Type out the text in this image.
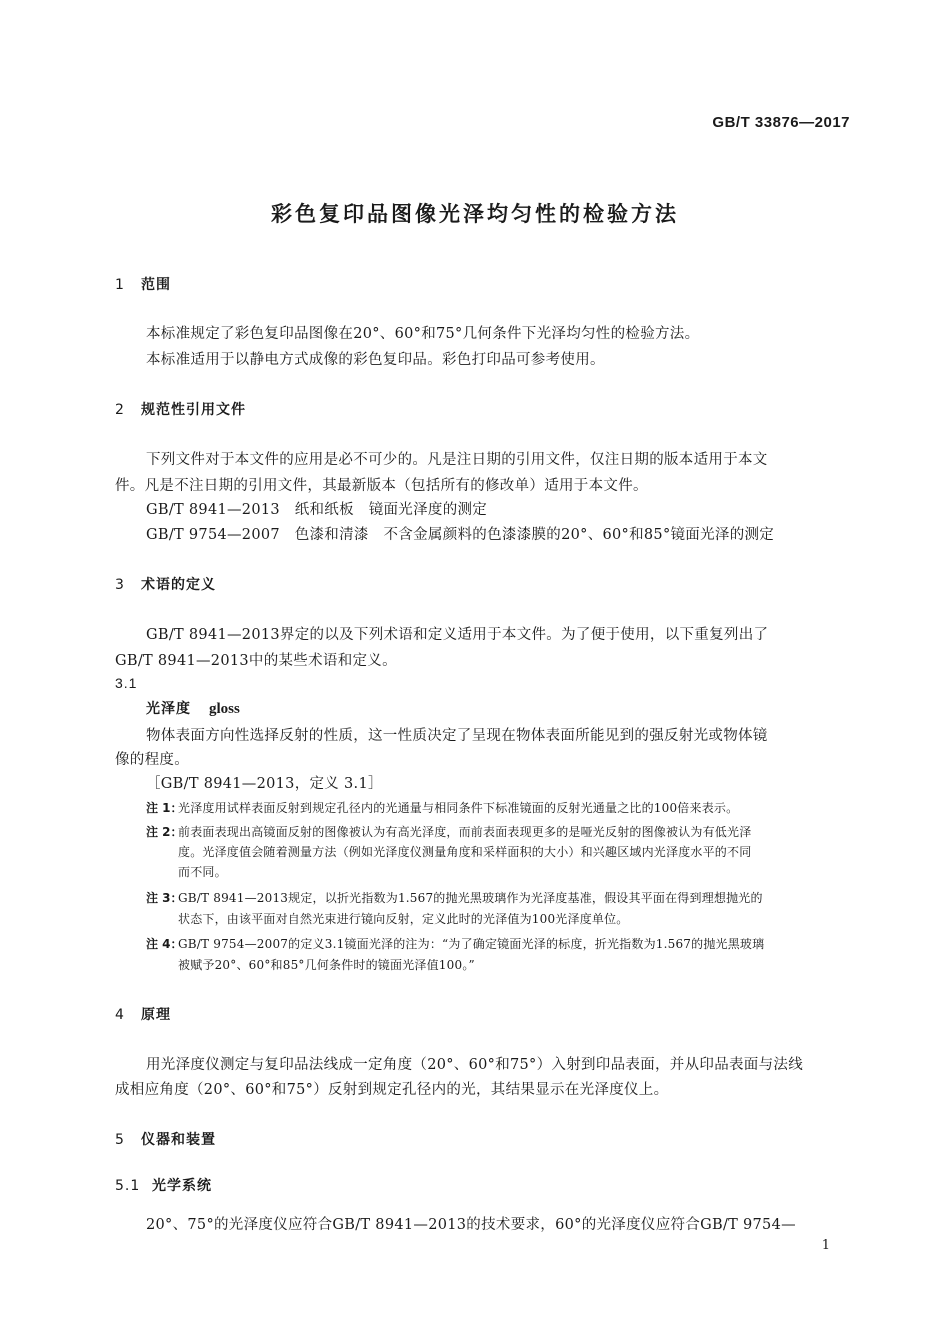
GB/T 33876—2017
彩色复印品图像光泽均匀性的检验方法
1 范围
本标准规定了彩色复印品图像在20°、60°和75°几何条件下光泽均匀性的检验方法。
本标准适用于以静电方式成像的彩色复印品。彩色打印品可参考使用。
2 规范性引用文件
下列文件对于本文件的应用是必不可少的。凡是注日期的引用文件，仅注日期的版本适用于本文
件。凡是不注日期的引用文件，其最新版本（包括所有的修改单）适用于本文件。
GB/T 8941—2013　纸和纸板　镜面光泽度的测定
GB/T 9754—2007　色漆和清漆　不含金属颜料的色漆漆膜的20°、60°和85°镜面光泽的测定
3 术语的定义
GB/T 8941—2013界定的以及下列术语和定义适用于本文件。为了便于使用，以下重复列出了
GB/T 8941—2013中的某些术语和定义。
3.1
光泽度 gloss
物体表面方向性选择反射的性质，这一性质决定了呈现在物体表面所能见到的强反射光或物体镜
像的程度。
［GB/T 8941—2013，定义 3.1］
注 1：
光泽度用试样表面反射到规定孔径内的光通量与相同条件下标准镜面的反射光通量之比的100倍来表示。
注 2：
前表面表现出高镜面反射的图像被认为有高光泽度，而前表面表现更多的是哑光反射的图像被认为有低光泽
度。光泽度值会随着测量方法（例如光泽度仪测量角度和采样面积的大小）和兴趣区域内光泽度水平的不同
而不同。
注 3：
GB/T 8941—2013规定，以折光指数为1.567的抛光黑玻璃作为光泽度基准，假设其平面在得到理想抛光的
状态下，由该平面对自然光束进行镜向反射，定义此时的光泽值为100光泽度单位。
注 4：
GB/T 9754—2007的定义3.1镜面光泽的注为：“为了确定镜面光泽的标度，折光指数为1.567的抛光黑玻璃
被赋予20°、60°和85°几何条件时的镜面光泽值100。”
4 原理
用光泽度仪测定与复印品法线成一定角度（20°、60°和75°）入射到印品表面，并从印品表面与法线
成相应角度（20°、60°和75°）反射到规定孔径内的光，其结果显示在光泽度仪上。
5 仪器和装置
5.1 光学系统
20°、75°的光泽度仪应符合GB/T 8941—2013的技术要求，60°的光泽度仪应符合GB/T 9754—
1
